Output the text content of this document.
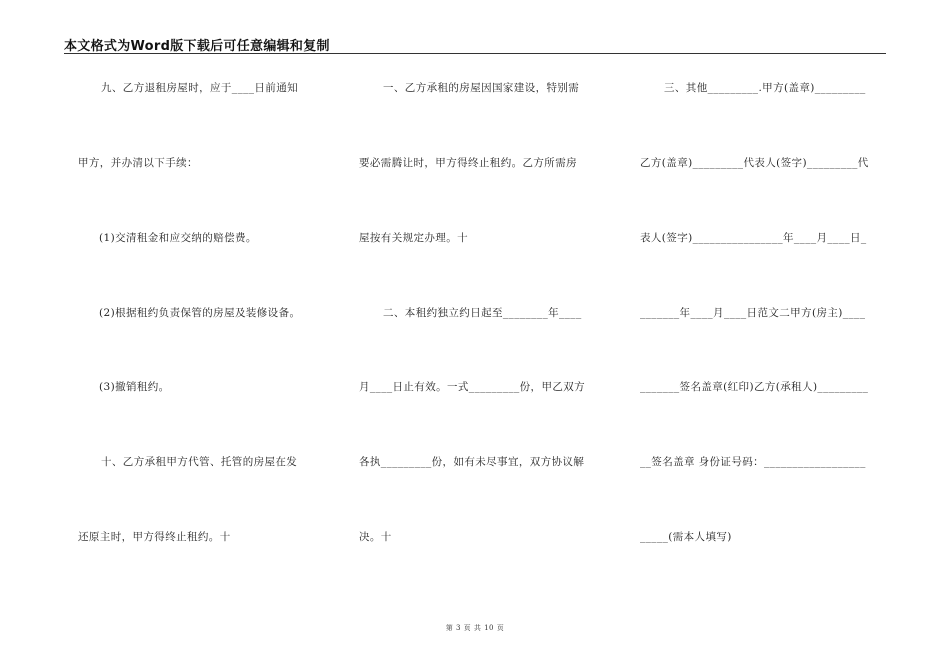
本文格式为Word版下载后可任意编辑和复制
九、乙方退租房屋时，应于____日前通知
甲方，并办清以下手续：
(1)交清租金和应交纳的赔偿费。
(2)根据租约负责保管的房屋及装修设备。
(3)撤销租约。
十、乙方承租甲方代管、托管的房屋在发
还原主时，甲方得终止租约。十
一、乙方承租的房屋因国家建设，特别需
要必需腾让时，甲方得终止租约。乙方所需房
屋按有关规定办理。十
二、本租约独立约日起至________年____
月____日止有效。一式_________份，甲乙双方
各执_________份，如有未尽事宜，双方协议解
决。十
三、其他_________.甲方(盖章)_________
乙方(盖章)_________代表人(签字)_________代
表人(签字)________________年____月____日_
_______年____月____日范文二甲方(房主)____
_______签名盖章(红印)乙方(承租人)_________
__签名盖章 身份证号码：__________________
_____(需本人填写)
第 3 页 共 10 页
